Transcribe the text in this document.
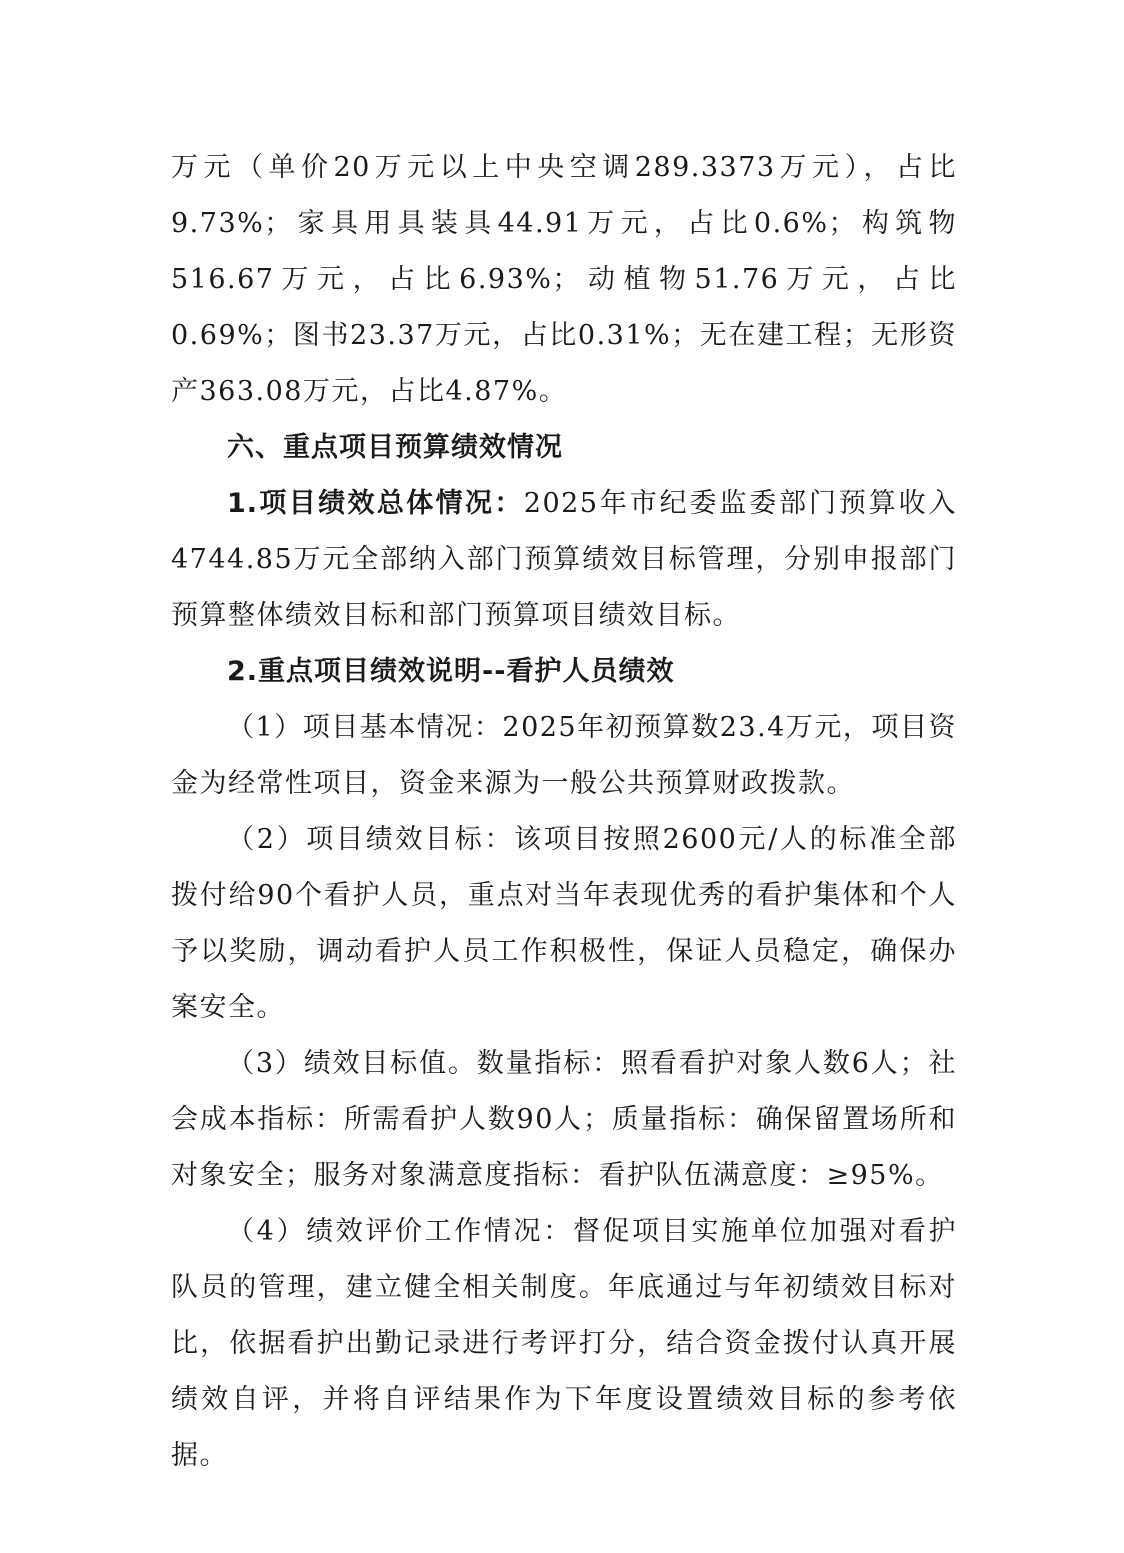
万元（单价20万元以上中央空调289.3373万元），占比9.73%；家具用具装具44.91万元，占比0.6%；构筑物516.67万元，占比6.93%；动植物51.76万元，占比0.69%；图书23.37万元，占比0.31%；无在建工程；无形资产363.08万元，占比4.87%。

六、重点项目预算绩效情况

1.项目绩效总体情况：2025年市纪委监委部门预算收入4744.85万元全部纳入部门预算绩效目标管理，分别申报部门预算整体绩效目标和部门预算项目绩效目标。

2.重点项目绩效说明--看护人员绩效

（1）项目基本情况：2025年初预算数23.4万元，项目资金为经常性项目，资金来源为一般公共预算财政拨款。

（2）项目绩效目标：该项目按照2600元/人的标准全部拨付给90个看护人员，重点对当年表现优秀的看护集体和个人予以奖励，调动看护人员工作积极性，保证人员稳定，确保办案安全。

（3）绩效目标值。数量指标：照看看护对象人数6人；社会成本指标：所需看护人数90人；质量指标：确保留置场所和对象安全；服务对象满意度指标：看护队伍满意度：≥95%。

（4）绩效评价工作情况：督促项目实施单位加强对看护队员的管理，建立健全相关制度。年底通过与年初绩效目标对比，依据看护出勤记录进行考评打分，结合资金拨付认真开展绩效自评，并将自评结果作为下年度设置绩效目标的参考依据。
